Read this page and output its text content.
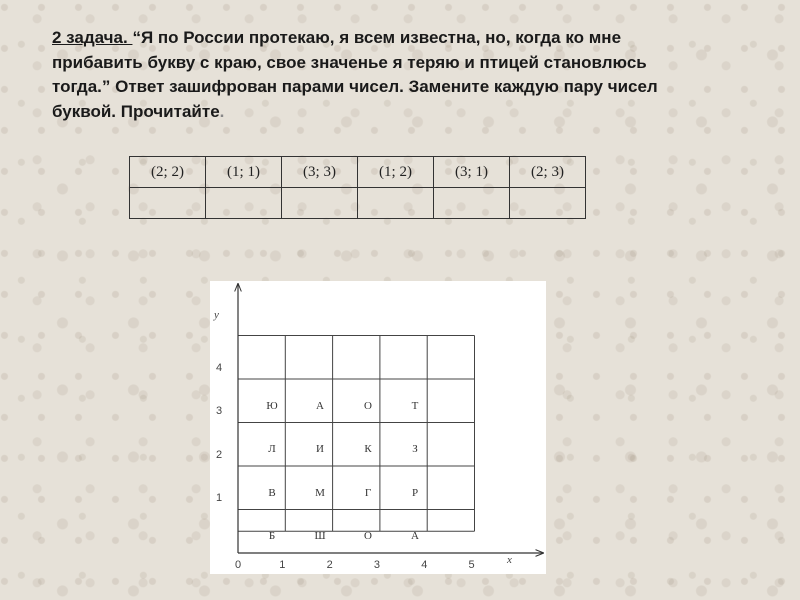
2 задача. “Я по России протекаю, я всем известна, но, когда ко мне прибавить букву с краю, свое значенье я теряю и птицей становлюсь тогда.” Ответ зашифрован парами чисел. Замените каждую пару чисел буквой. Прочитайте.

(2; 2)	(1; 1)	(3; 3)	(1; 2)	(3; 1)	(2; 3)

x
y
0	1	2	3	4	5
1
2
3
4
Ю	А	О	Т
Л	И	К	З
В	М	Г	Р
Б	Ш	О	А
